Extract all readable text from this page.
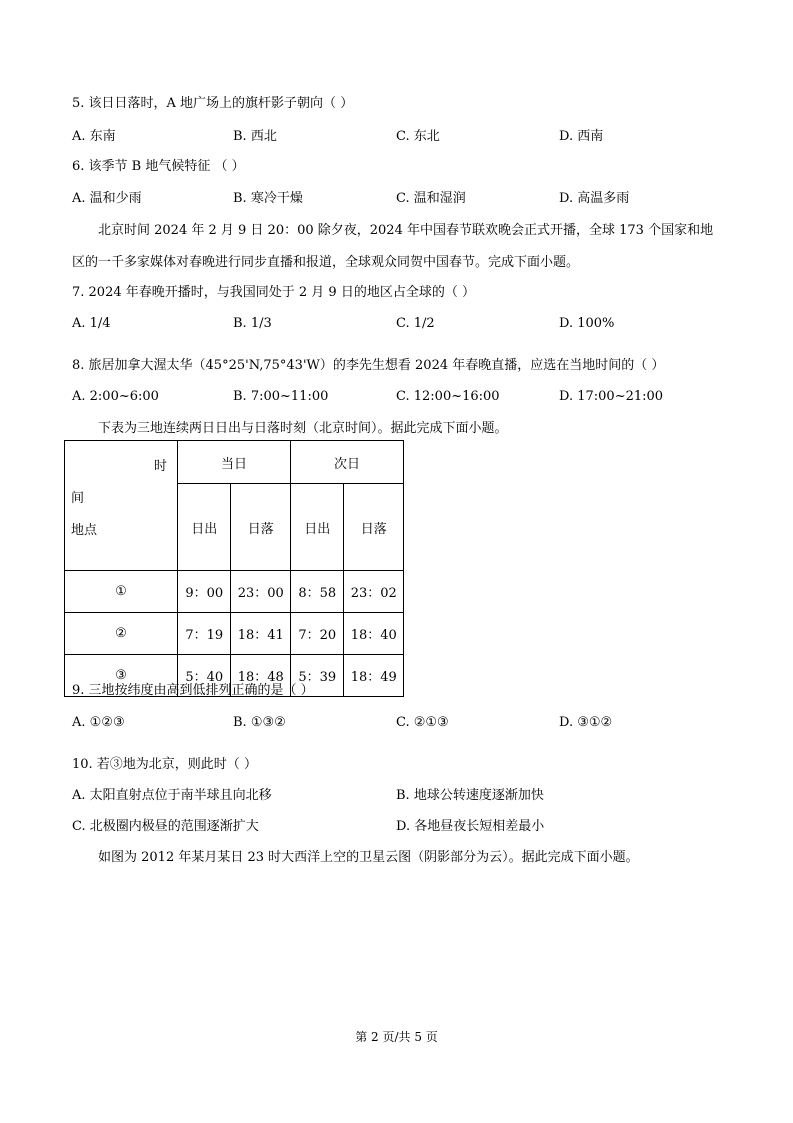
5. 该日日落时，A 地广场上的旗杆影子朝向（ ）
A. 东南	B. 西北	C. 东北	D. 西南
6. 该季节 B 地气候特征 （ ）
A. 温和少雨	B. 寒冷干燥	C. 温和湿润	D. 高温多雨
北京时间 2024 年 2 月 9 日 20：00 除夕夜，2024 年中国春节联欢晚会正式开播，全球 173 个国家和地区的一千多家媒体对春晚进行同步直播和报道，全球观众同贺中国春节。完成下面小题。
7. 2024 年春晚开播时，与我国同处于 2 月 9 日的地区占全球的（ ）
A. 1/4	B. 1/3	C. 1/2	D. 100%
8. 旅居加拿大渥太华（45°25'N,75°43'W）的李先生想看 2024 年春晚直播，应选在当地时间的（ ）
A. 2:00~6:00	B. 7:00~11:00	C. 12:00~16:00	D. 17:00~21:00
下表为三地连续两日日出与日落时刻（北京时间）。据此完成下面小题。
时
间
地点	当日		次日	
	日出	日落	日出	日落
①	9：00	23：00	8：58	23：02
②	7：19	18：41	7：20	18：40
③	5：40	18：48	5：39	18：49
9. 三地按纬度由高到低排列正确的是（ ）
A. ①②③	B. ①③②	C. ②①③	D. ③①②
10. 若③地为北京，则此时（ ）
A. 太阳直射点位于南半球且向北移	B. 地球公转速度逐渐加快
C. 北极圈内极昼的范围逐渐扩大	D. 各地昼夜长短相差最小
如图为 2012 年某月某日 23 时大西洋上空的卫星云图（阴影部分为云）。据此完成下面小题。
第 2 页/共 5 页
